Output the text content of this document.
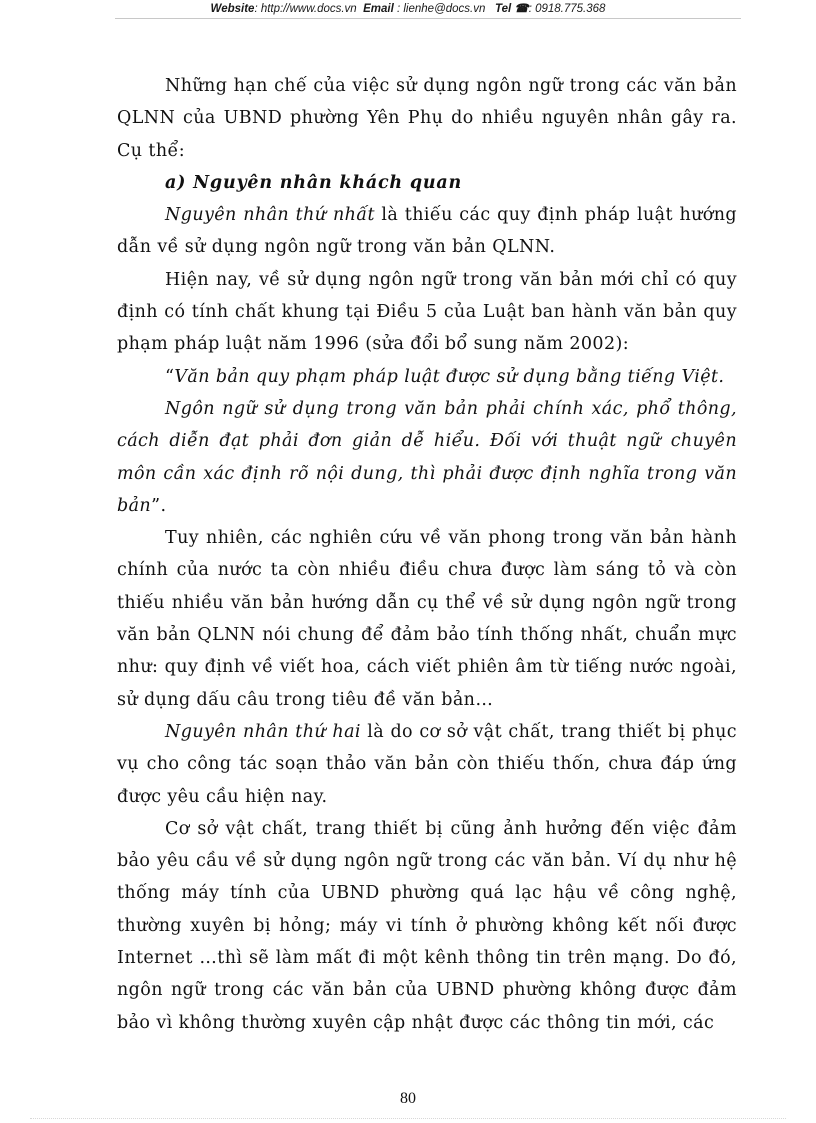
Website: http://www.docs.vn Email : lienhe@docs.vn Tel ☎: 0918.775.368

Những hạn chế của việc sử dụng ngôn ngữ trong các văn bản QLNN của UBND phường Yên Phụ do nhiều nguyên nhân gây ra. Cụ thể:

a) Nguyên nhân khách quan

Nguyên nhân thứ nhất là thiếu các quy định pháp luật hướng dẫn về sử dụng ngôn ngữ trong văn bản QLNN.

Hiện nay, về sử dụng ngôn ngữ trong văn bản mới chỉ có quy định có tính chất khung tại Điều 5 của Luật ban hành văn bản quy phạm pháp luật năm 1996 (sửa đổi bổ sung năm 2002):

“Văn bản quy phạm pháp luật được sử dụng bằng tiếng Việt.

Ngôn ngữ sử dụng trong văn bản phải chính xác, phổ thông, cách diễn đạt phải đơn giản dễ hiểu. Đối với thuật ngữ chuyên môn cần xác định rõ nội dung, thì phải được định nghĩa trong văn bản”.

Tuy nhiên, các nghiên cứu về văn phong trong văn bản hành chính của nước ta còn nhiều điều chưa được làm sáng tỏ và còn thiếu nhiều văn bản hướng dẫn cụ thể về sử dụng ngôn ngữ trong văn bản QLNN nói chung để đảm bảo tính thống nhất, chuẩn mực như: quy định về viết hoa, cách viết phiên âm từ tiếng nước ngoài, sử dụng dấu câu trong tiêu đề văn bản…

Nguyên nhân thứ hai là do cơ sở vật chất, trang thiết bị phục vụ cho công tác soạn thảo văn bản còn thiếu thốn, chưa đáp ứng được yêu cầu hiện nay.

Cơ sở vật chất, trang thiết bị cũng ảnh hưởng đến việc đảm bảo yêu cầu về sử dụng ngôn ngữ trong các văn bản. Ví dụ như hệ thống máy tính của UBND phường quá lạc hậu về công nghệ, thường xuyên bị hỏng; máy vi tính ở phường không kết nối được Internet …thì sẽ làm mất đi một kênh thông tin trên mạng. Do đó, ngôn ngữ trong các văn bản của UBND phường không được đảm bảo vì không thường xuyên cập nhật được các thông tin mới, các

80
